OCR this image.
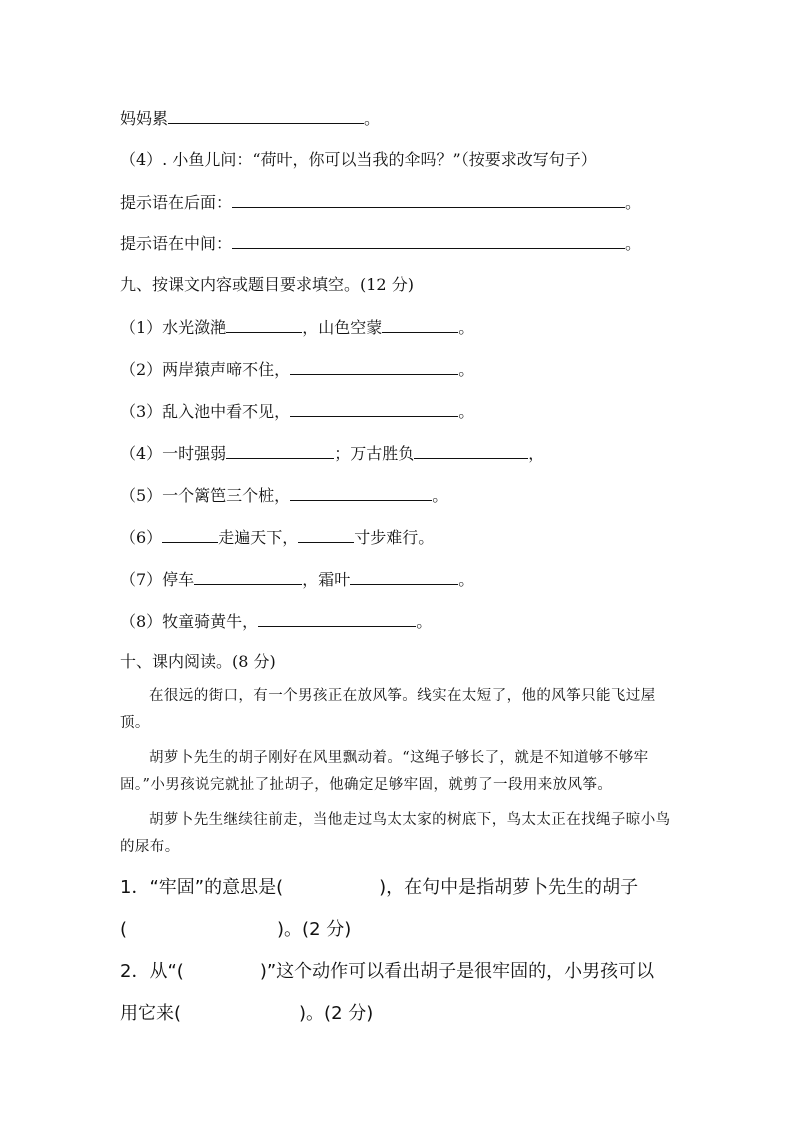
妈妈累	。
（4）. 小鱼儿问：“荷叶，你可以当我的伞吗？”（按要求改写句子）
提示语在后面：	。
提示语在中间：	。
九、按课文内容或题目要求填空。(12 分)
（1）水光潋滟	，山色空蒙	。
（2）两岸猿声啼不住，	。
（3）乱入池中看不见，	。
（4）一时强弱	；万古胜负	，
（5）一个篱笆三个桩，	。
（6）	走遍天下，	寸步难行。
（7）停车	，霜叶	。
（8）牧童骑黄牛，	。
十、课内阅读。(8 分)
在很远的街口，有一个男孩正在放风筝。线实在太短了，他的风筝只能飞过屋顶。
胡萝卜先生的胡子刚好在风里飘动着。“这绳子够长了，就是不知道够不够牢固。”小男孩说完就扯了扯胡子，他确定足够牢固，就剪了一段用来放风筝。
胡萝卜先生继续往前走，当他走过鸟太太家的树底下，鸟太太正在找绳子晾小鸟的尿布。
1．“牢固”的意思是(	)，在句中是指胡萝卜先生的胡子
(	)。(2 分)
2．从“(	)”这个动作可以看出胡子是很牢固的，小男孩可以
用它来(	)。(2 分)
